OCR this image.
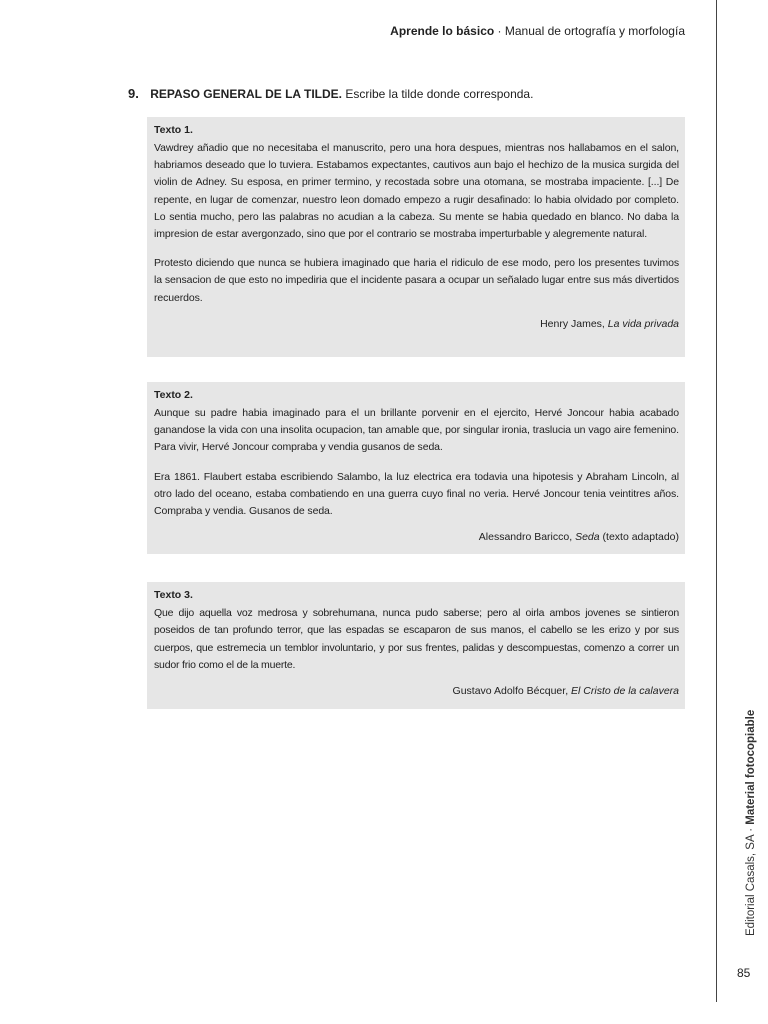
Aprende lo básico · Manual de ortografía y morfología
9. REPASO GENERAL DE LA TILDE. Escribe la tilde donde corresponda.
Texto 1.

Vawdrey añadio que no necesitaba el manuscrito, pero una hora despues, mientras nos hallabamos en el salon, habriamos deseado que lo tuviera. Estabamos expectantes, cautivos aun bajo el hechizo de la musica surgida del violin de Adney. Su esposa, en primer termino, y recostada sobre una otomana, se mostraba impaciente. [...] De repente, en lugar de comenzar, nuestro leon domado empezo a rugir desafinado: lo habia olvidado por completo. Lo sentia mucho, pero las palabras no acudian a la cabeza. Su mente se habia quedado en blanco. No daba la impresion de estar avergonzado, sino que por el contrario se mostraba imperturbable y alegremente natural.

Protesto diciendo que nunca se hubiera imaginado que haria el ridiculo de ese modo, pero los presentes tuvimos la sensacion de que esto no impediria que el incidente pasara a ocupar un señalado lugar entre sus más divertidos recuerdos.

Henry James, La vida privada
Texto 2.

Aunque su padre habia imaginado para el un brillante porvenir en el ejercito, Hervé Joncour habia acabado ganandose la vida con una insolita ocupacion, tan amable que, por singular ironia, traslucia un vago aire femenino. Para vivir, Hervé Joncour compraba y vendia gusanos de seda.

Era 1861. Flaubert estaba escribiendo Salambo, la luz electrica era todavia una hipotesis y Abraham Lincoln, al otro lado del oceano, estaba combatiendo en una guerra cuyo final no veria. Hervé Joncour tenia veintitres años. Compraba y vendia. Gusanos de seda.

Alessandro Baricco, Seda (texto adaptado)
Texto 3.

Que dijo aquella voz medrosa y sobrehumana, nunca pudo saberse; pero al oirla ambos jovenes se sintieron poseidos de tan profundo terror, que las espadas se escaparon de sus manos, el cabello se les erizo y por sus cuerpos, que estremecia un temblor involuntario, y por sus frentes, palidas y descompuestas, comenzo a correr un sudor frio como el de la muerte.

Gustavo Adolfo Bécquer, El Cristo de la calavera
Editorial Casals, SA · Material fotocopiable
85
